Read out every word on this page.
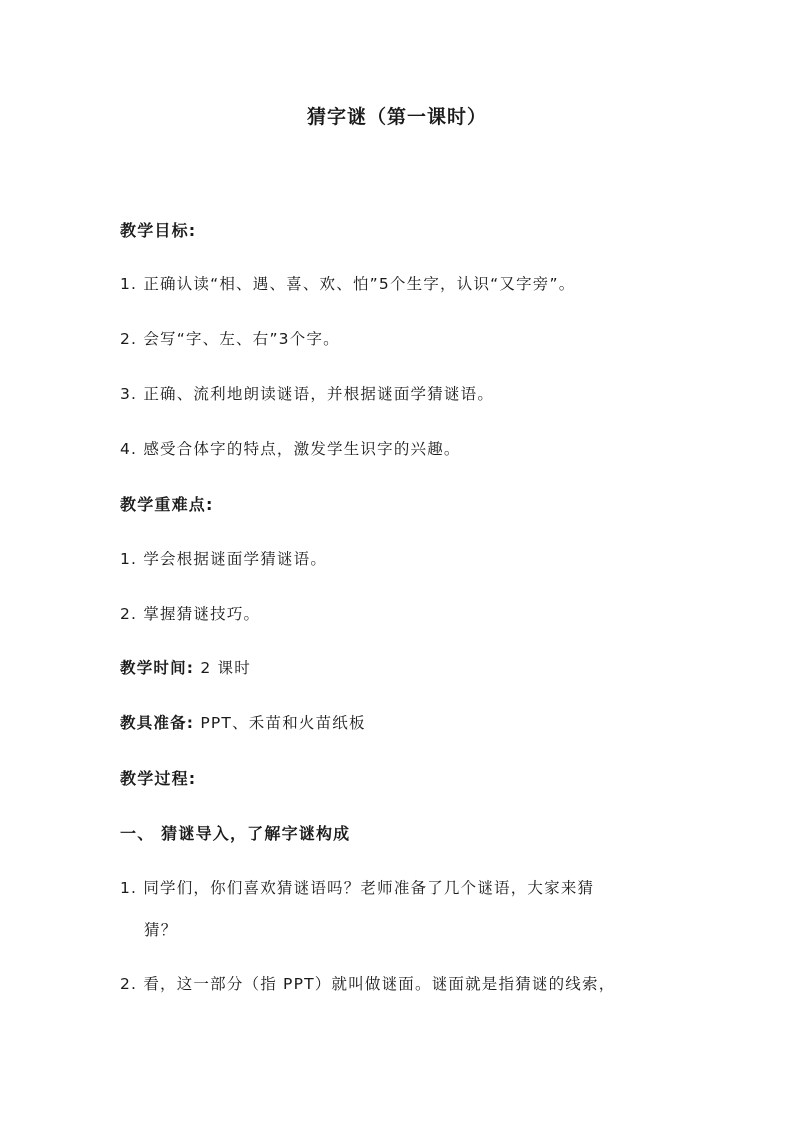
猜字谜（第一课时）
教学目标:
1. 正确认读“相、遇、喜、欢、怕”5个生字，认识“又字旁”。
2. 会写“字、左、右”3个字。
3. 正确、流利地朗读谜语，并根据谜面学猜谜语。
4. 感受合体字的特点，激发学生识字的兴趣。
教学重难点:
1. 学会根据谜面学猜谜语。
2. 掌握猜谜技巧。
教学时间: 2 课时
教具准备: PPT、禾苗和火苗纸板
教学过程:
一、 猜谜导入，了解字谜构成
1. 同学们，你们喜欢猜谜语吗？老师准备了几个谜语，大家来猜
猜？
2. 看，这一部分（指 PPT）就叫做谜面。谜面就是指猜谜的线索，
